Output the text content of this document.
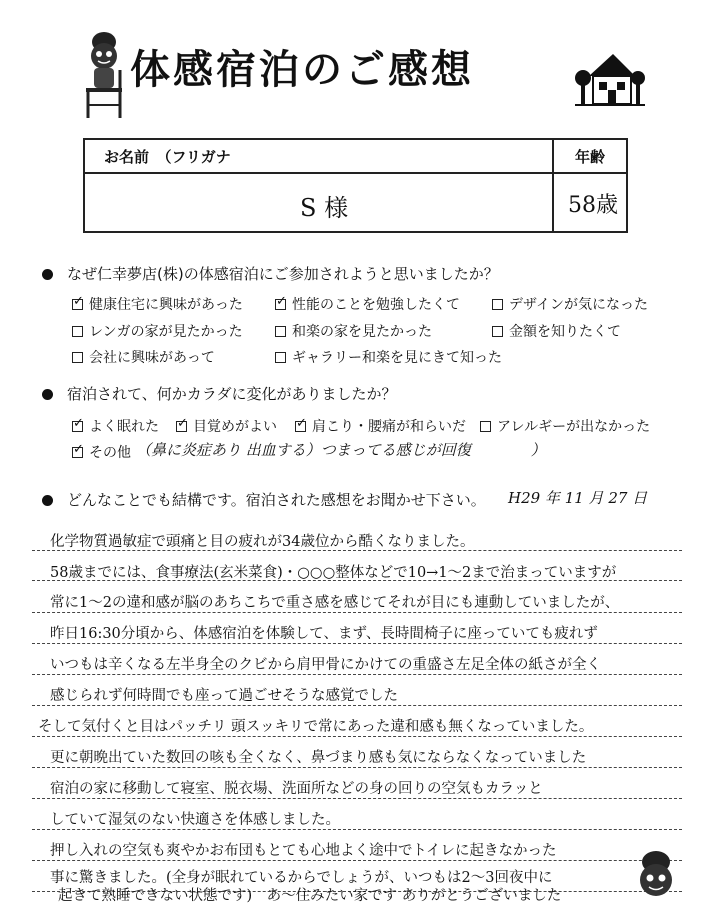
体感宿泊のご感想
お名前　（フリガナ	年齢
S 様	58歳
なぜ仁幸夢店(株)の体感宿泊にご参加されようと思いましたか？
✓健康住宅に興味があった ✓	性能のことを勉強したくて	デザインが気になった
レンガの家が見たかった	和楽の家を見たかった	金額を知りたくて
会社に興味があって	ギャラリー和楽を見にきて知った
宿泊されて、何かカラダに変化がありましたか？
✓よく眠れた ✓	目覚めがよい ✓	肩こり・腰痛が和らいだ	アレルギーが出なかった
✓その他 （鼻に炎症あり 出血する）つまってる感じが回復　　　　）
どんなことでも結構です。宿泊された感想をお聞かせ下さい。 H29 年 11 月 27 日
化学物質過敏症で頭痛と目の疲れが34歳位から酷くなりました。
58歳までには、食事療法(玄米菜食)・○○○整体などで10→1～2まで治まっていますが
常に1～2の違和感が脳のあちこちで重さ感を感じてそれが目にも連動していましたが、
昨日16:30分頃から、体感宿泊を体験して、まず、長時間椅子に座っていても疲れず
いつもは辛くなる左半身全のクビから肩甲骨にかけての重盛さ左足全体の紙さが全く
感じられず何時間でも座って過ごせそうな感覚でした
そして気付くと目はパッチリ 頭スッキリで常にあった違和感も無くなっていました。
更に朝晩出ていた数回の咳も全くなく、鼻づまり感も気にならなくなっていました
宿泊の家に移動して寝室、脱衣場、洗面所などの身の回りの空気もカラッと
していて湿気のない快適さを体感しました。
押し入れの空気も爽やかお布団もとても心地よく途中でトイレに起きなかった
事に驚きました。(全身が眠れているからでしょうが、いつもは2～3回夜中に
起きて熟睡できない状態です)　あ～住みたい家です ありがとうございました
